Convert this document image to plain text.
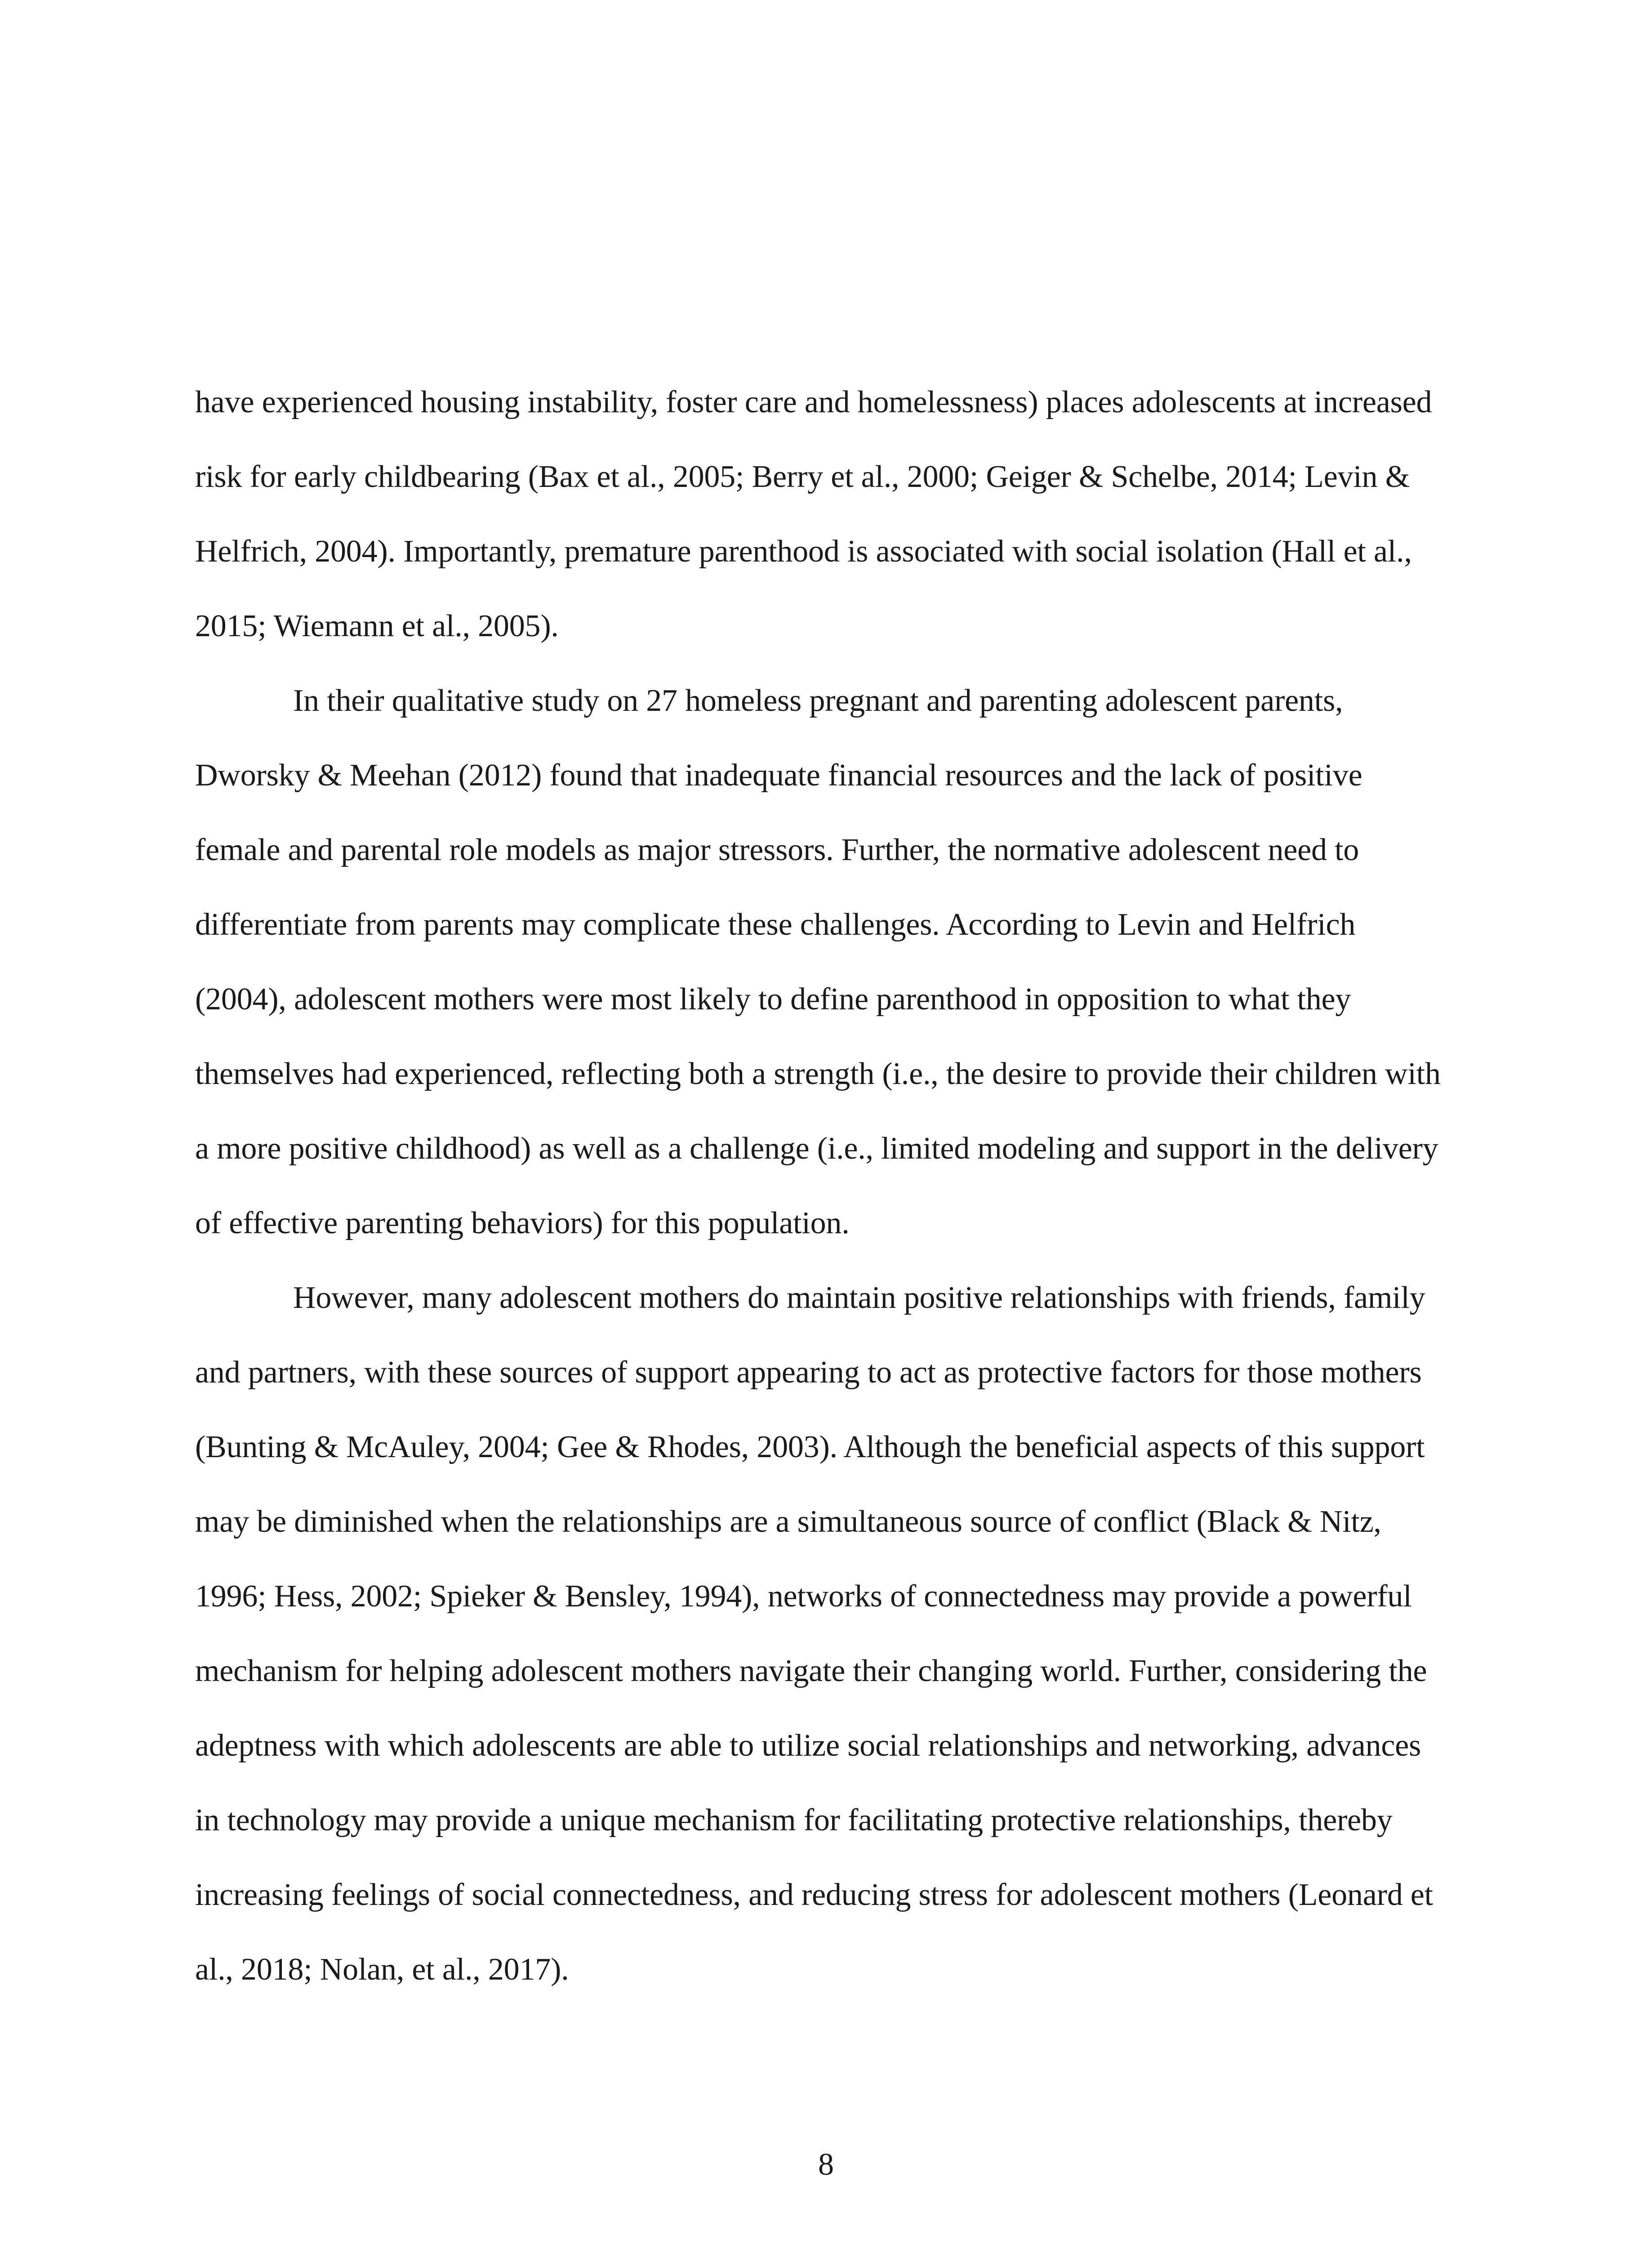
have experienced housing instability, foster care and homelessness) places adolescents at increased risk for early childbearing (Bax et al., 2005; Berry et al., 2000; Geiger & Schelbe, 2014; Levin & Helfrich, 2004). Importantly, premature parenthood is associated with social isolation (Hall et al., 2015; Wiemann et al., 2005).

In their qualitative study on 27 homeless pregnant and parenting adolescent parents, Dworsky & Meehan (2012) found that inadequate financial resources and the lack of positive female and parental role models as major stressors. Further, the normative adolescent need to differentiate from parents may complicate these challenges. According to Levin and Helfrich (2004), adolescent mothers were most likely to define parenthood in opposition to what they themselves had experienced, reflecting both a strength (i.e., the desire to provide their children with a more positive childhood) as well as a challenge (i.e., limited modeling and support in the delivery of effective parenting behaviors) for this population.

However, many adolescent mothers do maintain positive relationships with friends, family and partners, with these sources of support appearing to act as protective factors for those mothers (Bunting & McAuley, 2004; Gee & Rhodes, 2003). Although the beneficial aspects of this support may be diminished when the relationships are a simultaneous source of conflict (Black & Nitz, 1996; Hess, 2002; Spieker & Bensley, 1994), networks of connectedness may provide a powerful mechanism for helping adolescent mothers navigate their changing world. Further, considering the adeptness with which adolescents are able to utilize social relationships and networking, advances in technology may provide a unique mechanism for facilitating protective relationships, thereby increasing feelings of social connectedness, and reducing stress for adolescent mothers (Leonard et al., 2018; Nolan, et al., 2017).

8
